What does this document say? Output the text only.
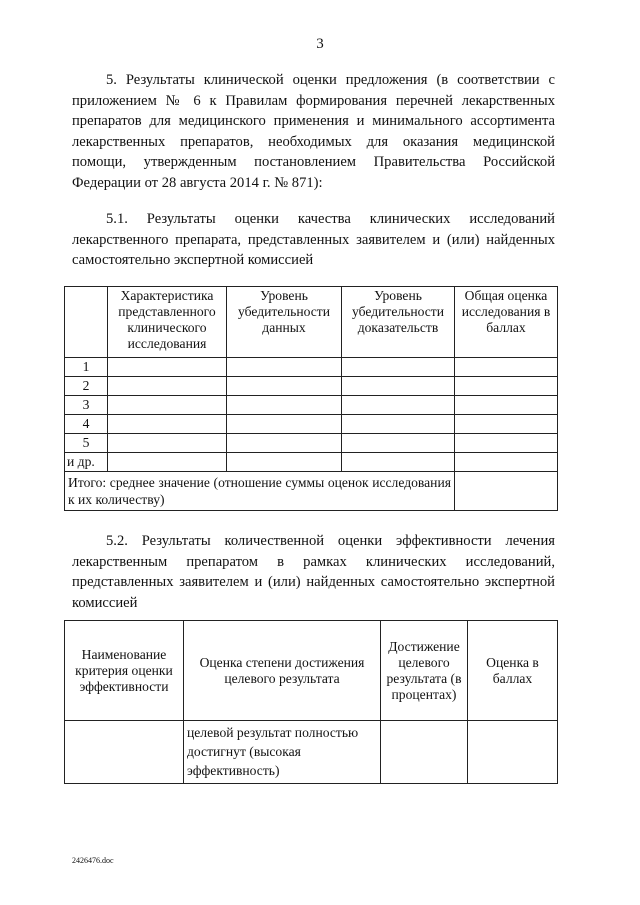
3

5. Результаты клинической оценки предложения (в соответствии с приложением № 6 к Правилам формирования перечней лекарственных препаратов для медицинского применения и минимального ассортимента лекарственных препаратов, необходимых для оказания медицинской помощи, утвержденным постановлением Правительства Российской Федерации от 28 августа 2014 г. № 871):

5.1. Результаты оценки качества клинических исследований лекарственного препарата, представленных заявителем и (или) найденных самостоятельно экспертной комиссией

	Характеристика представленного клинического исследования	Уровень убедительности данных	Уровень убедительности доказательств	Общая оценка исследования в баллах
1				
2				
3				
4				
5				
и др.				
Итого: среднее значение (отношение суммы оценок исследования к их количеству)				

5.2. Результаты количественной оценки эффективности лечения лекарственным препаратом в рамках клинических исследований, представленных заявителем и (или) найденных самостоятельно экспертной комиссией

Наименование критерия оценки эффективности	Оценка степени достижения целевого результата	Достижение целевого результата (в процентах)	Оценка в баллах
	целевой результат полностью достигнут (высокая эффективность)		
2426476.doc
